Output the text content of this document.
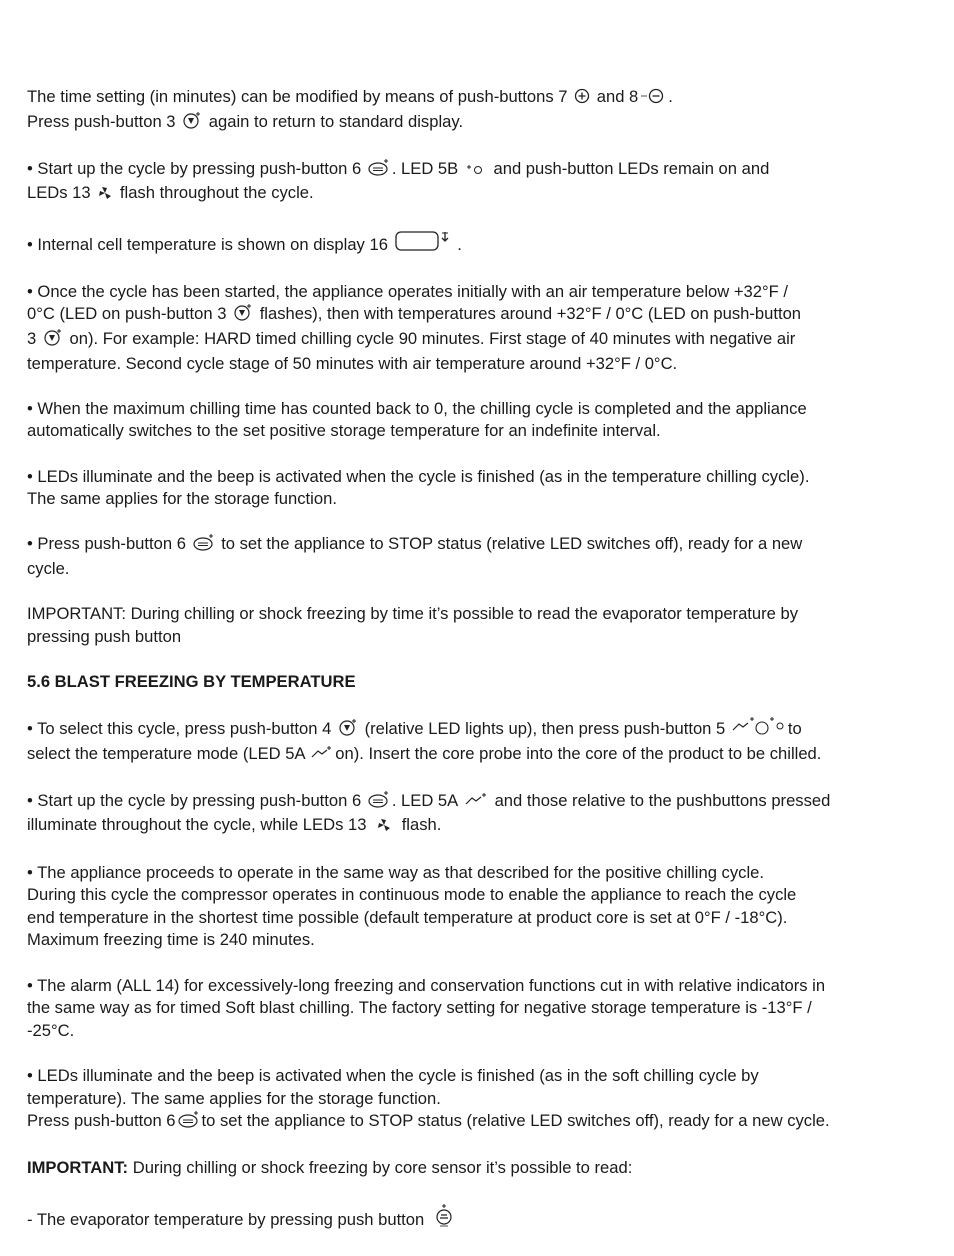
The time setting (in minutes) can be modified by means of push-buttons 7 and 8 .
Press push-button 3 again to return to standard display.

• Start up the cycle by pressing push-button 6 . LED 5B and push-button LEDs remain on and
LEDs 13 flash throughout the cycle.

• Internal cell temperature is shown on display 16	.

• Once the cycle has been started, the appliance operates initially with an air temperature below +32°F /
0°C (LED on push-button 3 flashes), then with temperatures around +32°F / 0°C (LED on push-button
3 on). For example: HARD timed chilling cycle 90 minutes. First stage of 40 minutes with negative air
temperature. Second cycle stage of 50 minutes with air temperature around +32°F / 0°C.

• When the maximum chilling time has counted back to 0, the chilling cycle is completed and the appliance automatically switches to the set positive storage temperature for an indefinite interval.

• LEDs illuminate and the beep is activated when the cycle is finished (as in the temperature chilling cycle).
The same applies for the storage function.

• Press push-button 6 to set the appliance to STOP status (relative LED switches off), ready for a new
cycle.

IMPORTANT: During chilling or shock freezing by time it’s possible to read the evaporator temperature by
pressing push button

5.6 BLAST FREEZING BY TEMPERATURE

• To select this cycle, press push-button 4 (relative LED lights up), then press push-button 5	to
select the temperature mode (LED 5A on). Insert the core probe into the core of the product to be chilled.

• Start up the cycle by pressing push-button 6 . LED 5A and those relative to the pushbuttons pressed
illuminate throughout the cycle, while LEDs 13 flash.

• The appliance proceeds to operate in the same way as that described for the positive chilling cycle.
During this cycle the compressor operates in continuous mode to enable the appliance to reach the cycle
end temperature in the shortest time possible (default temperature at product core is set at 0°F / -18°C).
Maximum freezing time is 240 minutes.

• The alarm (ALL 14) for excessively-long freezing and conservation functions cut in with relative indicators in
the same way as for timed Soft blast chilling. The factory setting for negative storage temperature is -13°F /
-25°C.

• LEDs illuminate and the beep is activated when the cycle is finished (as in the soft chilling cycle by
temperature). The same applies for the storage function.
Press push-button 6 to set the appliance to STOP status (relative LED switches off), ready for a new cycle.

IMPORTANT: During chilling or shock freezing by core sensor it’s possible to read:

- The evaporator temperature by pressing push button
